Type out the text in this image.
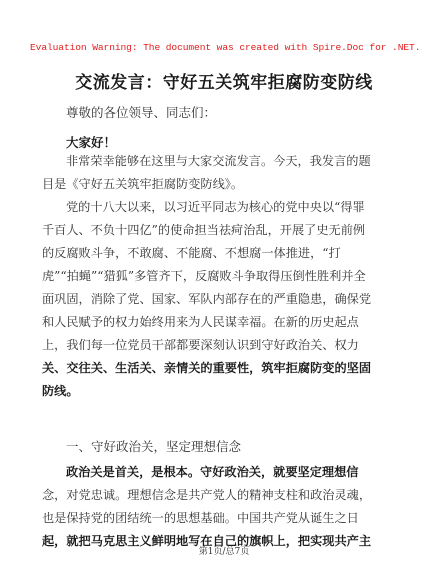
Evaluation Warning: The document was created with Spire.Doc for .NET.
交流发言：守好五关筑牢拒腐防变防线
尊敬的各位领导、同志们：
大家好！
非常荣幸能够在这里与大家交流发言。今天，我发言的题
目是《守好五关筑牢拒腐防变防线》。
党的十八大以来，以习近平同志为核心的党中央以“得罪
千百人、不负十四亿”的使命担当祛疴治乱，开展了史无前例
的反腐败斗争，不敢腐、不能腐、不想腐一体推进，“打
虎”“拍蝇”“猎狐”多管齐下，反腐败斗争取得压倒性胜利并全
面巩固，消除了党、国家、军队内部存在的严重隐患，确保党
和人民赋予的权力始终用来为人民谋幸福。在新的历史起点
上，我们每一位党员干部都要深刻认识到守好政治关、权力
关、交往关、生活关、亲情关的重要性，筑牢拒腐防变的坚固
防线。
一、守好政治关，坚定理想信念
政治关是首关，是根本。守好政治关，就要坚定理想信
念，对党忠诚。理想信念是共产党人的精神支柱和政治灵魂，
也是保持党的团结统一的思想基础。中国共产党从诞生之日
起，就把马克思主义鲜明地写在自己的旗帜上，把实现共产主
第1页/总7页
